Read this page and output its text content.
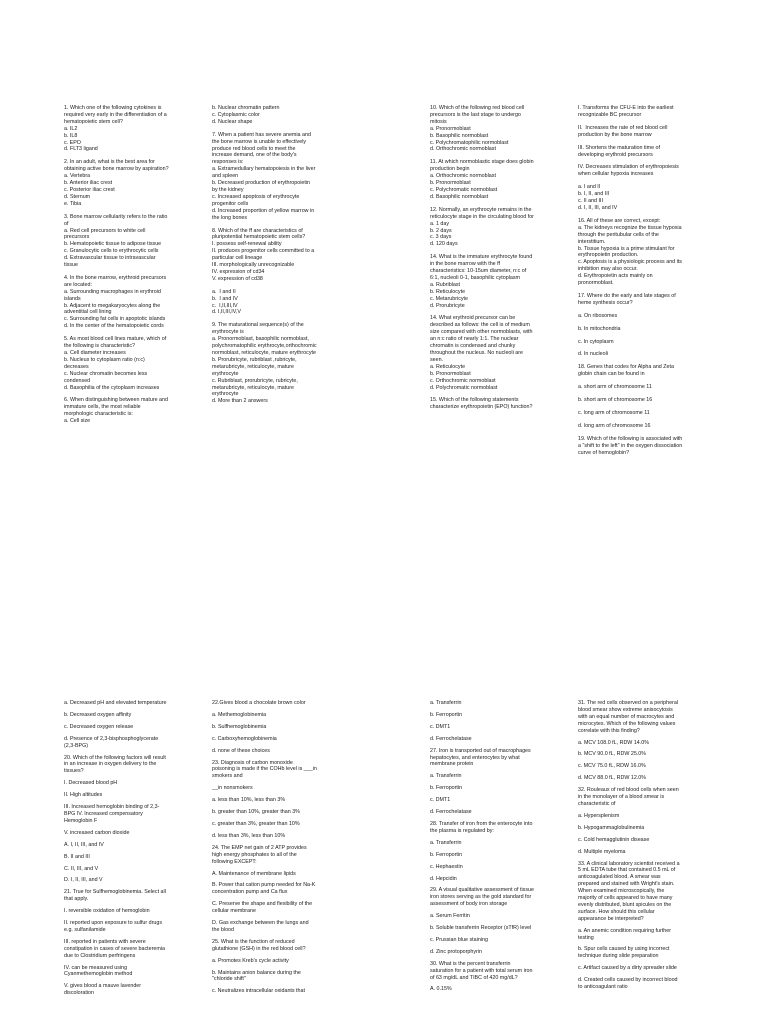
1. Which one of the following cytokines is
required very early in the differentiation of a
hematopoietic stem cell?
a. IL2
b. IL8
c. EPO
d. FLT3 ligand

2. In an adult, what is the best area for
obtaining active bone marrow by aspiration?
a. Vertebra
b. Anterior iliac crest
c. Posterior iliac crest
d. Sternum
e. Tibia

3. Bone marrow cellularity refers to the ratio
of
a. Red cell precursors to white cell
precursors
b. Hematopoietic tissue to adipose tissue
c. Granulocytic cells to erythrocytic cells
d. Extravascular tissue to intravascular
tissue

4. In the bone marrow, erythroid precursors
are located:
a. Surrounding macrophages in erythroid
islands
b. Adjacent to megakaryocytes along the
adventitial cell lining
c. Surrounding fat cells in apoptotic islands
d. In the center of the hematopoietic cords

5. As most blood cell lines mature, which of
the following is characteristic?
a. Cell diameter increases
b. Nucleus to cytoplasm ratio (n:c)
decreases
c. Nuclear chromatin becomes less
condensed
d. Basophilia of the cytoplasm increases

6. When distinguishing between mature and
immature cells, the most reliable
morphologic characteristic is:
a. Cell size

b. Nuclear chromatin pattern
c. Cytoplasmic color
d. Nuclear shape

7. When a patient has severe anemia and
the bone marrow is unable to effectively
produce red blood cells to meet the
increase demand, one of the body's
responses is:
a. Extramedullary hematopoiesis in the liver
and spleen
b. Decreased production of erythropoietin
by the kidney
c. Increased apoptosis of erythrocyte
progenitor cells
d. Increased proportion of yellow marrow in
the long bones

8. Which of the ff are characteristics of
pluripotential hematopoietic stem cells?
I. possess self-renewal ability
II. produces progenitor cells committed to a
particular cell lineage
III. morphologically unrecognizable
IV. expression of cd34
V. expression of cd38

a.  I and II
b.  I and IV
c.  I,II,III,IV
d. I,II,III,IV,V

9. The maturational sequence(s) of the
erythrocyte is
a. Pronormoblast, basophilic normoblast,
polychromatophilic erythrocyte,orthochromic
normoblast, reticulocyte, mature erythrocyte
b. Prorubricyte, rubriblast ,rubricyte,
metarubricyte, reticulocyte, mature
erythrocyte
c. Rubriblast, prorubricyte, rubricyte,
metarubricyte, reticulocyte, mature
erythrocyte
d. More than 2 answers

10. Which of the following red blood cell
precursors is the last stage to undergo
mitosis
a. Pronormoblast
b. Basophilic normoblast
c. Polychromatophilic normoblast
d. Orthochromic normoblast

11. At which normoblastic stage does globin
production begin
a. Orthochromic normoblast
b. Pronormoblast
c. Polychromatic normoblast
d. Basophilic normoblast

12. Normally, an erythrocyte remains in the
reticulocyte stage in the circulating blood for
a. 1 day
b. 2 days
c. 3 days
d. 120 days

14. What is the immature erythrocyte found
in the bone marrow with the ff
characteristics: 10-15um diameter, n:c of
6:1, nucleoli 0-1, basophilic cytoplasm
a. Rubriblast
b. Reticulocyte
c. Metarubricyte
d. Prorubricyte

14. What erythroid precursor can be
described as follows: the cell is of medium
size compared with other normoblasts, with
an n:c ratio of nearly 1:1. The nuclear
chromatin is condensed and chunky
throughout the nucleus. No nucleoli are
seen.
a. Reticulocyte
b. Pronormoblast
c. Orthochromic normoblast
d. Polychromatic normoblast

15. Which of the following statements
characterize erythropoietin (EPO) function?

I. Transforms the CFU-E into the earliest
recognizable BC precursor

II.  Increases the rate of red blood cell
production by the bone marrow

III. Shortens the maturation time of
developing erythroid precursors

IV. Decreases stimulation of erythropoiesis
when cellular hypoxia increases

a. I and II
b. I, II, and III
c. II and III
d. I, II, III, and IV

16. All of these are correct, except:
a. The kidneys recognize the tissue hypoxia
through the peritubular cells of the
interstitium.
b. Tissue hypoxia is a prime stimulant for
erythropoietin production.
c. Apoptosis is a physiologic process and its
inhibition may also occur.
d. Erythropoietin acts mainly on
pronormoblast.

17. Where do the early and late stages of
heme synthesis occur?

a. On ribosomes

b. In mitochondria

c. In cytoplasm

d. In nucleoli

18. Genes that codes for Alpha and Zeta
globin chain can be found in

a. short arm of chromosome 11

b. short arm of chromosome 16

c. long arm of chromosome 11

d. long arm of chromosome 16

19. Which of the following is associated with
a "shift to the left" in the oxygen dissociation
curve of hemoglobin?

a. Decreased pH and elevated temperature

b. Decreased oxygen affinity

c. Decreased oxygen release

d. Presence of 2,3-bisphosphoglycerate
(2,3-BPG)

20. Which of the following factors will result
in an increase in oxygen delivery to the
tissues?

I. Decreased blood pH

II. High altitudes

III. Increased hemoglobin binding of 2,3-
BPG IV. Increased compensatory
Hemoglobin F

V. increased carbon dioxide

A. I, II, III, and IV

B. II and III

C. II, III, and V

D. I, II, III, and V

21. True for Sulfhemoglobinemia. Select all
that apply.

I. reversible oxidation of hemoglobin

II. reported upon exposure to sulfur drugs
e.g. sulfanilamide

III. reported in patients with severe
constipation in cases of severe bacteremia
due to Clostridium perfringens

IV. can be measured using
Cyanmethemoglobin method

V. gives blood a mauve lavender
discoloration

22.Gives blood a chocolate brown color

a. Methemoglobinemia

b. Sulfhemoglobinemia

c. Carboxyhemoglobinemia

d. none of these choices

23. Diagnosis of carbon monoxide
poisoning is made if the COHb level is ___in
smokers and

__in nonsmokers

a. less than 10%, less than 3%

b. greater than 10%, greater than 3%

c. greater than 3%, greater than 10%

d. less than 3%, less than 10%

24. The EMP net gain of 2 ATP provides
high energy phosphates to all of the
following EXCEPT:

A. Maintenance of membrane lipids

B. Power that cation pump needed for Na-K
concentration pump and Ca flux

C. Preserve the shape and flexibility of the
cellular membrane

D. Gas exchange between the lungs and
the blood

25. What is the function of reduced
glutathione (GSH) in the red blood cell?

a. Promotes Kreb's cycle activity

b. Maintains anion balance during the
"chloride shift"

c. Neutralizes intracellular oxidants that

a. Transferrin

b. Ferroportin

c. DMT1

d. Ferrochelatase

27. Iron is transported out of macrophages
hepatocytes, and enterocytes by what
membrane protein

a. Transferrin

b. Ferroportin

c. DMT1

d. Ferrochelatase

28. Transfer of iron from the enterocyte into
the plasma is regulated by:

a. Transferrin

b. Ferroportin

c. Hephaestin

d. Hepcidin

29. A visual qualitative assessment of tissue
iron stores serving as the gold standard for
assessment of body iron storage

a. Serum Ferritin

b. Soluble transferrin Receptor (sTfR) level

c. Prussian blue staining

d. Zinc protoporphyrin

30. What is the percent transferrin
saturation for a patient with total serum iron
of 63 mg/dL and TIBC of 420 mg/dL?

A. 0.15%

31. The red cells observed on a peripheral
blood smear show extreme anisocytosis
with an equal number of macrocytes and
microcytes. Which of the following values
correlate with this finding?

a. MCV 108.0 fL, RDW 14.0%

b. MCV 90.0 fL, RDW 25.0%

c. MCV 75.0 fL, RDW 16.0%

d. MCV 88.0 fL, RDW 12.0%

32. Rouleaux of red blood cells when seen
in the monolayer of a blood smear is
characteristic of

a. Hypersplenism

b. Hypogammaglobulinemia

c. Cold hemagglutinin disease

d. Multiple myeloma

33. A clinical laboratory scientist received a
5 mL EDTA tube that contained 0.5 mL of
anticoagulated blood. A smear was
prepared and stained with Wright's stain.
When examined microscopically, the
majority of cells appeared to have many
evenly distributed, blunt spicules on the
surface. How should this cellular
appearance be interpreted?

a. An anemic condition requiring further
testing

b. Spur cells caused by using incorrect
technique during slide preparation

c. Artifact caused by a dirty spreader slide

d. Created cells caused by incorrect blood
to anticoagulant ratio
